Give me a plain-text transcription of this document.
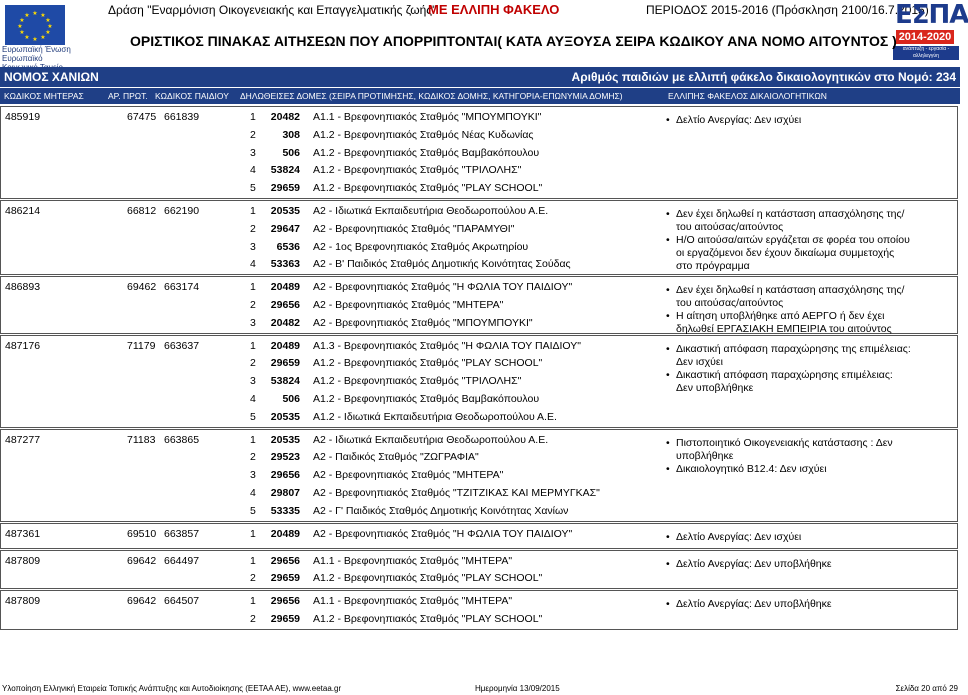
Δράση "Εναρμόνιση Οικογενειακής και Επαγγελματικής ζωής"
ΜΕ ΕΛΛΙΠΗ ΦΑΚΕΛΟ	ΠΕΡΙΟΔΟΣ 2015-2016 (Πρόσκληση 2100/16.7.2015)
★ ★
★
★
★
★
★
★
★
★
★
★
Ευρωπαϊκή Ένωση
Ευρωπαϊκό
ΕΣΠΑ
2014-2020
ανάπτυξη - εργασία - αλληλεγγύη
ΟΡΙΣΤΙΚΟΣ ΠΙΝΑΚΑΣ ΑΙΤΗΣΕΩΝ ΠΟΥ ΑΠΟΡΡΙΠΤΟΝΤΑΙ( ΚΑΤΑ ΑΥΞΟΥΣΑ ΣΕΙΡΑ ΚΩΔΙΚΟΥ ΑΝΑ ΝΟΜΟ ΑΙΤΟΥΝΤΟΣ )
ΝΟΜΟΣ ΧΑΝΙΩΝ	Αριθμός παιδιών με ελλιπή φάκελο δικαιολογητικών στο Νομό: 234
ΚΩΔΙΚΟΣ ΜΗΤΕΡΑΣ	ΑΡ. ΠΡΩΤ. ΚΩΔΙΚΟΣ ΠΑΙΔΙΟΥ ΔΗΛΩΘΕΙΣΕΣ ΔΟΜΕΣ (ΣΕΙΡΑ ΠΡΟΤΙΜΗΣΗΣ, ΚΩΔΙΚΟΣ ΔΟΜΗΣ, ΚΑΤΗΓΟΡΙΑ-ΕΠΩΝΥΜΙΑ ΔΟΜΗΣ)	ΕΛΛΙΠΗΣ ΦΑΚΕΛΟΣ ΔΙΚΑΙΟΛΟΓΗΤΙΚΩΝ
485919	67475 661839	1	20482 Α1.1 - Βρεφονηπιακός Σταθμός "ΜΠΟΥΜΠΟΥΚΙ"
2	308 Α1.2 - Βρεφονηπιακός Σταθμός Νέας Κυδωνίας
3	506 Α1.2 - Βρεφονηπιακός Σταθμός Βαμβακόπουλου
4	53824 Α1.2 - Βρεφονηπιακός Σταθμός "ΤΡΙΛΟΛΗΣ"
5	29659 Α1.2 - Βρεφονηπιακός Σταθμός "PLAY SCHOOL"
• Δελτίο Ανεργίας: Δεν ισχύει
486214	66812 662190	1	20535 Α2 - Ιδιωτικά Εκπαιδευτήρια Θεοδωροπούλου Α.Ε.
2	29647 Α2 - Βρεφονηπιακός Σταθμός "ΠΑΡΑΜΥΘΙ"
3	6536 Α2 - 1ος Βρεφονηπιακός Σταθμός Ακρωτηρίου
4	53363 Α2 - Β' Παιδικός Σταθμός Δημοτικής Κοινότητας Σούδας
• Δεν έχει δηλωθεί η κατάσταση απασχόλησης της/του αιτούσας/αιτούντος
• Η/Ο αιτούσα/αιτών εργάζεται σε φορέα του οποίου οι εργαζόμενοι δεν έχουν δικαίωμα συμμετοχής στο πρόγραμμα
486893	69462 663174	1	20489 Α2 - Βρεφονηπιακός Σταθμός "Η ΦΩΛΙΑ ΤΟΥ ΠΑΙΔΙΟΥ"
2	29656 Α2 - Βρεφονηπιακός Σταθμός "ΜΗΤΕΡΑ"
3	20482 Α2 - Βρεφονηπιακός Σταθμός "ΜΠΟΥΜΠΟΥΚΙ"
• Δεν έχει δηλωθεί η κατάσταση απασχόλησης της/του αιτούσας/αιτούντος
• Η αίτηση υποβλήθηκε από ΑΕΡΓΟ ή δεν έχει δηλωθεί ΕΡΓΑΣΙΑΚΗ ΕΜΠΕΙΡΙΑ του αιτούντος
487176	71179 663637	1	20489 Α1.3 - Βρεφονηπιακός Σταθμός "Η ΦΩΛΙΑ ΤΟΥ ΠΑΙΔΙΟΥ"
2	29659 Α1.2 - Βρεφονηπιακός Σταθμός "PLAY SCHOOL"
3	53824 Α1.2 - Βρεφονηπιακός Σταθμός "ΤΡΙΛΟΛΗΣ"
4	506 Α1.2 - Βρεφονηπιακός Σταθμός Βαμβακόπουλου
5	20535 Α1.2 - Ιδιωτικά Εκπαιδευτήρια Θεοδωροπούλου Α.Ε.
• Δικαστική απόφαση παραχώρησης της επιμέλειας: Δεν ισχύει
• Δικαστική απόφαση παραχώρησης επιμέλειας: Δεν υποβλήθηκε
487277	71183 663865	1	20535 Α2 - Ιδιωτικά Εκπαιδευτήρια Θεοδωροπούλου Α.Ε.
2	29523 Α2 - Παιδικός Σταθμός "ΖΩΓΡΑΦΙΑ"
3	29656 Α2 - Βρεφονηπιακός Σταθμός "ΜΗΤΕΡΑ"
4	29807 Α2 - Βρεφονηπιακός Σταθμός "ΤΖΙΤΖΙΚΑΣ ΚΑΙ ΜΕΡΜΥΓΚΑΣ"
5	53335 Α2 - Γ' Παιδικός Σταθμός Δημοτικής Κοινότητας Χανίων
• Πιστοποιητικό Οικογενειακής κατάστασης : Δεν υποβλήθηκε
• Δικαιολογητικό Β12.4: Δεν ισχύει
487361	69510 663857	1	20489 Α2 - Βρεφονηπιακός Σταθμός "Η ΦΩΛΙΑ ΤΟΥ ΠΑΙΔΙΟΥ"
•	Δελτίο Ανεργίας: Δεν ισχύει
487809	69642 664497	1	29656 Α1.1 - Βρεφονηπιακός Σταθμός "ΜΗΤΕΡΑ"
2	29659 Α1.2 - Βρεφονηπιακός Σταθμός "PLAY SCHOOL"
• Δελτίο Ανεργίας: Δεν υποβλήθηκε
487809	69642 664507	1	29656 Α1.1 - Βρεφονηπιακός Σταθμός "ΜΗΤΕΡΑ"
2	29659 Α1.2 - Βρεφονηπιακός Σταθμός "PLAY SCHOOL"
• Δελτίο Ανεργίας: Δεν υποβλήθηκε
Υλοποίηση Ελληνική Εταιρεία Τοπικής Ανάπτυξης και Αυτοδιοίκησης (ΕΕΤΑΑ ΑΕ), www.eetaa.gr	Ημερομηνία 13/09/2015	Σελίδα 20 από 29
